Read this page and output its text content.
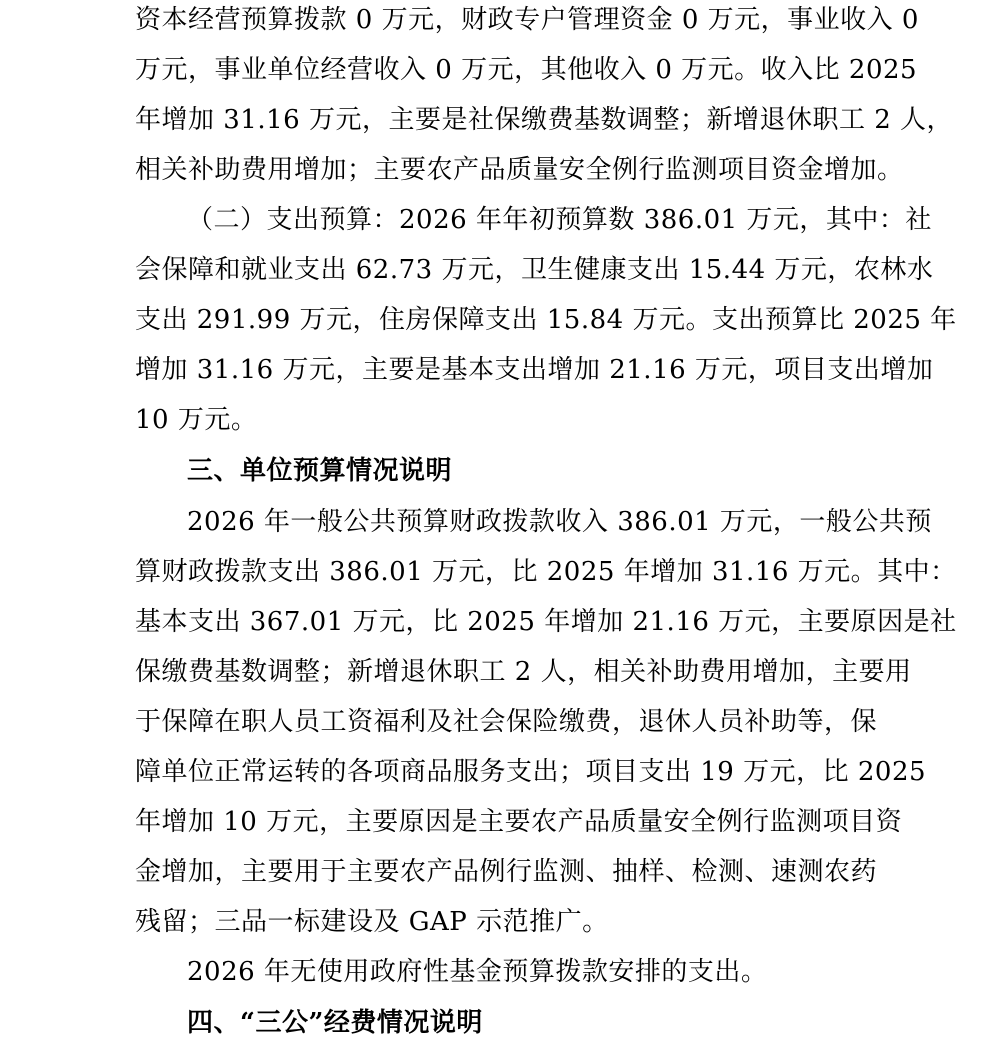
资本经营预算拨款 0 万元，财政专户管理资金 0 万元，事业收入 0
万元，事业单位经营收入 0 万元，其他收入 0 万元。收入比 2025
年增加 31.16 万元，主要是社保缴费基数调整；新增退休职工 2 人，
相关补助费用增加；主要农产品质量安全例行监测项目资金增加。
（二）支出预算：2026 年年初预算数 386.01 万元，其中：社
会保障和就业支出 62.73 万元，卫生健康支出 15.44 万元，农林水
支出 291.99 万元，住房保障支出 15.84 万元。支出预算比 2025 年
增加 31.16 万元，主要是基本支出增加 21.16 万元，项目支出增加
10 万元。
三、单位预算情况说明
2026 年一般公共预算财政拨款收入 386.01 万元，一般公共预
算财政拨款支出 386.01 万元，比 2025 年增加 31.16 万元。其中：
基本支出 367.01 万元，比 2025 年增加 21.16 万元，主要原因是社
保缴费基数调整；新增退休职工 2 人，相关补助费用增加，主要用
于保障在职人员工资福利及社会保险缴费，退休人员补助等，保
障单位正常运转的各项商品服务支出；项目支出 19 万元，比 2025
年增加 10 万元，主要原因是主要农产品质量安全例行监测项目资
金增加，主要用于主要农产品例行监测、抽样、检测、速测农药
残留；三品一标建设及 GAP 示范推广。
2026 年无使用政府性基金预算拨款安排的支出。
四、“三公”经费情况说明
